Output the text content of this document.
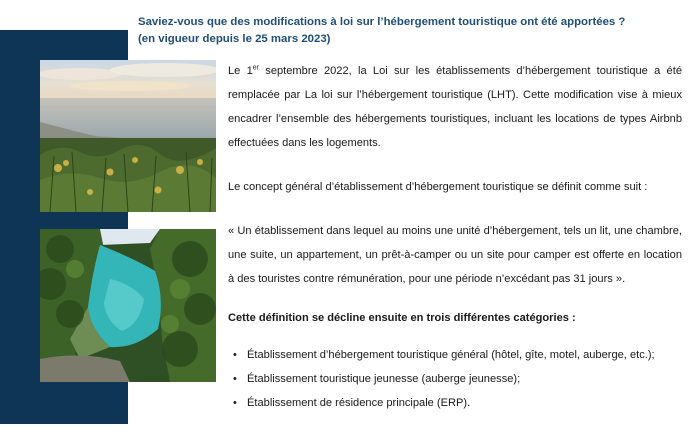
Saviez-vous que des modifications à loi sur l’hébergement touristique ont été apportées ?
(en vigueur depuis le 25 mars 2023)

Le 1er septembre 2022, la Loi sur les établissements d’hébergement touristique a été remplacée par La loi sur l’hébergement touristique (LHT). Cette modification vise à mieux encadrer l’ensemble des hébergements touristiques, incluant les locations de types Airbnb effectuées dans les logements.

Le concept général d’établissement d’hébergement touristique se définit comme suit :

« Un établissement dans lequel au moins une unité d’hébergement, tels un lit, une chambre, une suite, un appartement, un prêt-à-camper ou un site pour camper est offerte en location à des touristes contre rémunération, pour une période n’excédant pas 31 jours ».

Cette définition se décline ensuite en trois différentes catégories :

• Établissement d’hébergement touristique général (hôtel, gîte, motel, auberge, etc.);
• Établissement touristique jeunesse (auberge jeunesse);
• Établissement de résidence principale (ERP).
